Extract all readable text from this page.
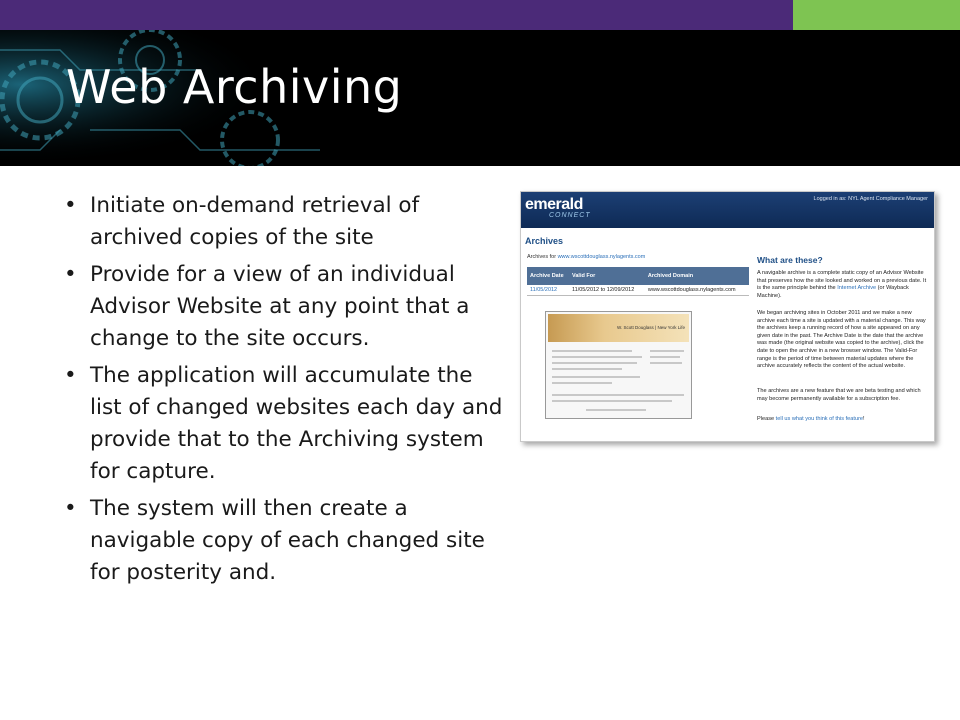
Web Archiving
• Initiate on-demand retrieval of archived copies of the site
• Provide for a view of an individual Advisor Website at any point that a change to the site occurs.
• The application will accumulate the list of changed websites each day and provide that to the Archiving system for capture.
• The system will then create a navigable copy of each changed site for posterity and.
emerald
CONNECT
Logged in as: NYL Agent Compliance Manager
Archives
Archives for www.wscottdouglass.nylagents.com
Archive Date	Valid For	Archived Domain
11/05/2012	11/05/2012 to 12/09/2012	www.wscottdouglass.nylagents.com
W. Scott Douglass | New York Life
What are these?

A navigable archive is a complete static copy of an Advisor Website that preserves how the site looked and worked on a previous date. It is the same principle behind the Internet Archive (or Wayback Machine).

We began archiving sites in October 2011 and we make a new archive each time a site is updated with a material change. This way the archives keep a running record of how a site appeared on any given date in the past. The Archive Date is the date that the archive was made (the original website was copied to the archive), click the date to open the archive in a new browser window. The Valid-For range is the period of time between material updates where the archive accurately reflects the content of the actual website.

The archives are a new feature that we are beta testing and which may become permanently available for a subscription fee.

Please tell us what you think of this feature!
